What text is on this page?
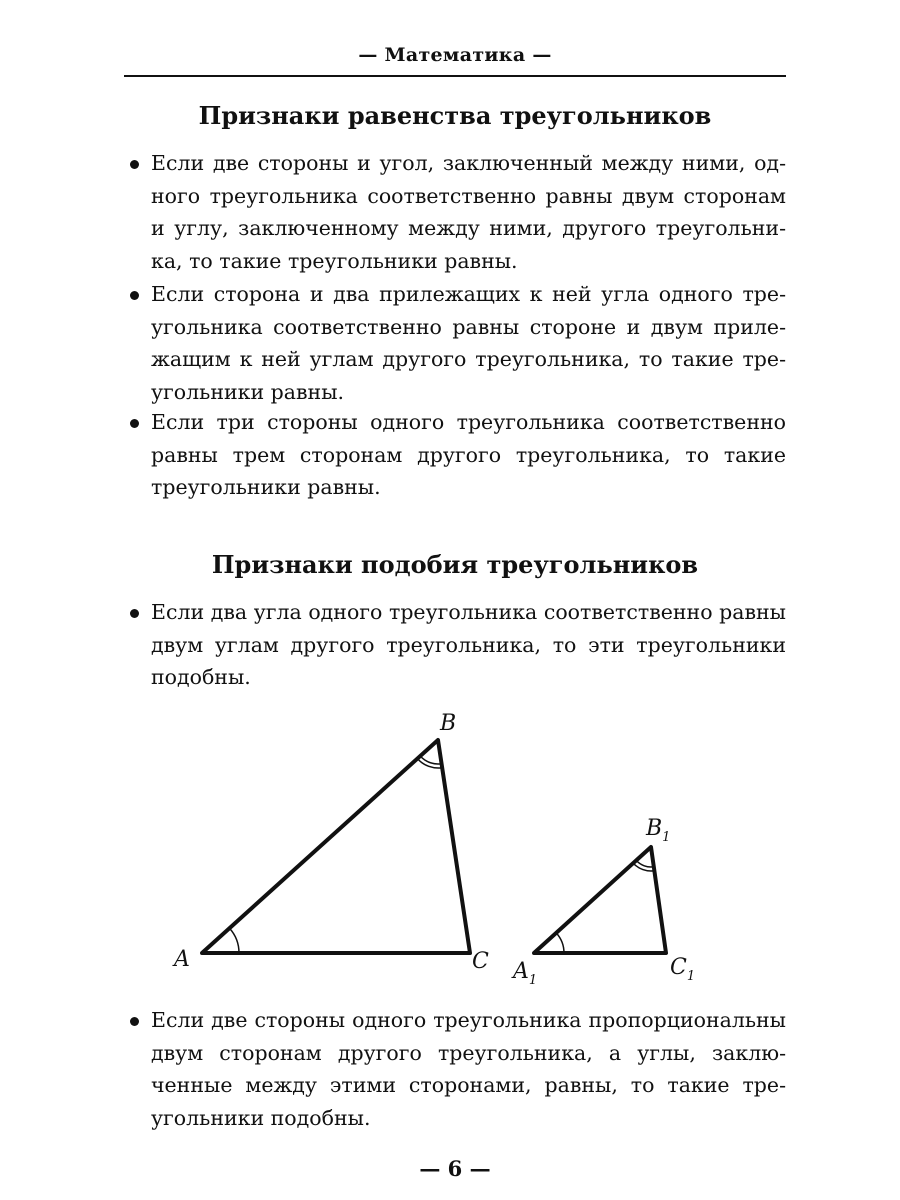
— Математика —
Признаки равенства треугольников
Если две стороны и угол, заключенный между ними, одного треугольника соответственно равны двум сторонам и углу, заключенному между ними, другого треугольника, то такие треугольники равны.
Если сторона и два прилежащих к ней угла одного треугольника соответственно равны стороне и двум прилежащим к ней углам другого треугольника, то такие треугольники равны.
Если три стороны одного треугольника соответственно равны трем сторонам другого треугольника, то такие треугольники равны.
Признаки подобия треугольников
Если два угла одного треугольника соответственно равны двум углам другого треугольника, то эти треугольники подобны.
A
B
C $A_1$
$B_1$
$C_1$
Если две стороны одного треугольника пропорциональны двум сторонам другого треугольника, а углы, заключенные между этими сторонами, равны, то такие треугольники подобны.
— 6 —
